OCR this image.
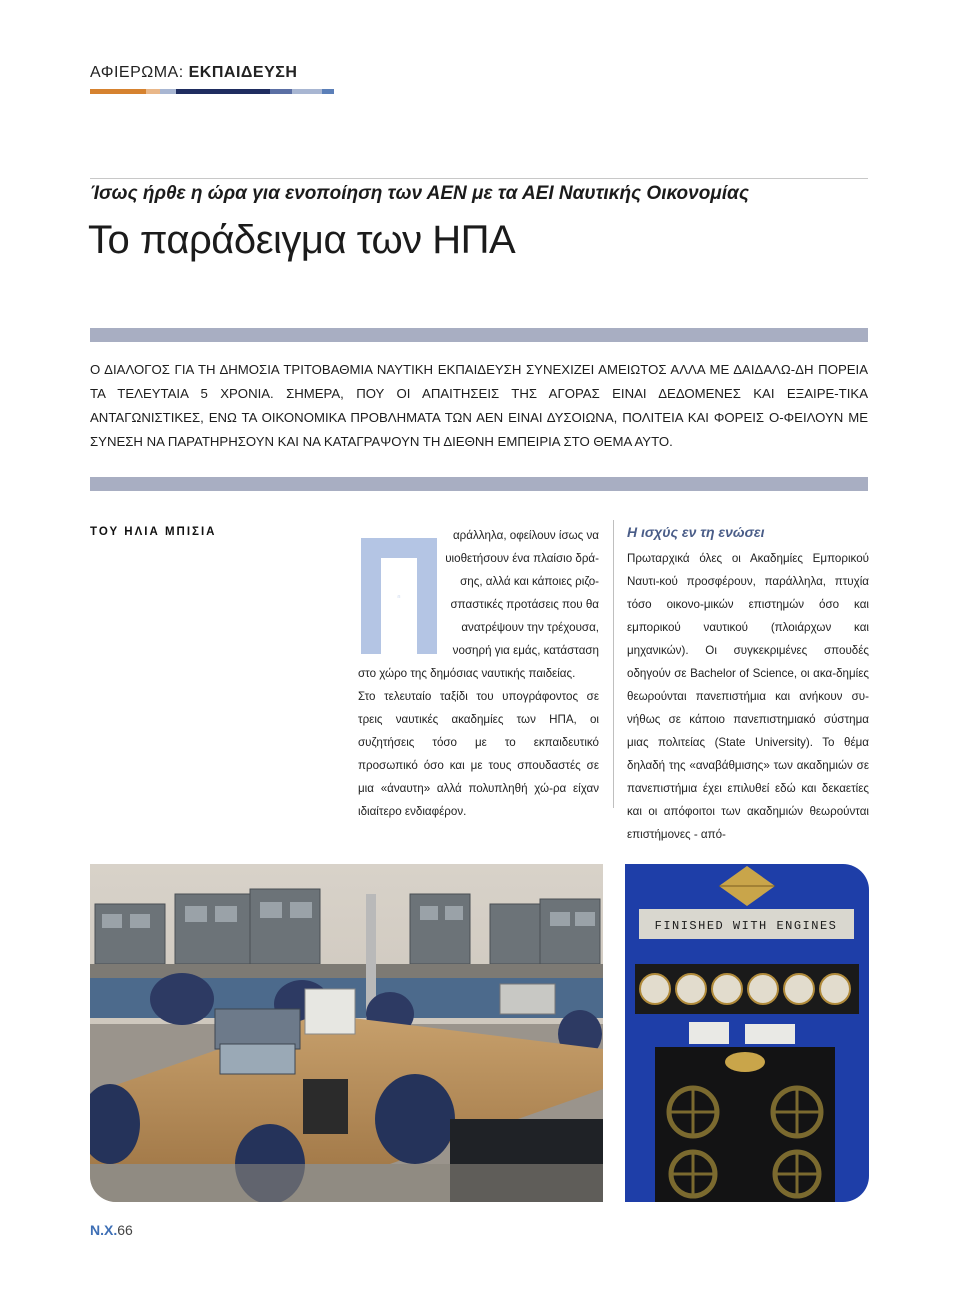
ΑΦΙΕΡΩΜΑ: ΕΚΠΑΙΔΕΥΣΗ
Ίσως ήρθε η ώρα για ενοποίηση των ΑΕΝ με τα ΑΕΙ Ναυτικής Οικονομίας
Το παράδειγμα των ΗΠΑ
Ο ΔΙΑΛΟΓΟΣ ΓΙΑ ΤΗ ΔΗΜΟΣΙΑ ΤΡΙΤΟΒΑΘΜΙΑ ΝΑΥΤΙΚΗ ΕΚΠΑΙΔΕΥΣΗ ΣΥΝΕΧΙΖΕΙ ΑΜΕΙΩΤΟΣ ΑΛΛΑ ΜΕ ΔΑΙΔΑΛΩ-ΔΗ ΠΟΡΕΙΑ ΤΑ ΤΕΛΕΥΤΑΙΑ 5 ΧΡΟΝΙΑ. ΣΗΜΕΡΑ, ΠΟΥ ΟΙ ΑΠΑΙΤΗΣΕΙΣ ΤΗΣ ΑΓΟΡΑΣ ΕΙΝΑΙ ΔΕΔΟΜΕΝΕΣ ΚΑΙ ΕΞΑΙΡΕ-ΤΙΚΑ ΑΝΤΑΓΩΝΙΣΤΙΚΕΣ, ΕΝΩ ΤΑ ΟΙΚΟΝΟΜΙΚΑ ΠΡΟΒΛΗΜΑΤΑ ΤΩΝ ΑΕΝ ΕΙΝΑΙ ΔΥΣΟΙΩΝΑ, ΠΟΛΙΤΕΙΑ ΚΑΙ ΦΟΡΕΙΣ Ο-ΦΕΙΛΟΥΝ ΜΕ ΣΥΝΕΣΗ ΝΑ ΠΑΡΑΤΗΡΗΣΟΥΝ ΚΑΙ ΝΑ ΚΑΤΑΓΡΑΨΟΥΝ ΤΗ ΔΙΕΘΝΗ ΕΜΠΕΙΡΙΑ ΣΤΟ ΘΕΜΑ ΑΥΤΟ.
ΤΟΥ ΗΛΙΑ ΜΠΙΣΙΑ
Π

αράλληλα, οφείλουν ίσως να

υιοθετήσουν ένα πλαίσιο δρά-

σης, αλλά και κάποιες ριζο-

σπαστικές προτάσεις που θα

ανατρέψουν την τρέχουσα,

νοσηρή για εμάς, κατάσταση

στο χώρο της δημόσιας ναυτικής παιδείας.

Στο τελευταίο ταξίδι του υπογράφοντος σε τρεις ναυτικές ακαδημίες των ΗΠΑ, οι συζητήσεις τόσο με το εκπαιδευτικό προσωπικό όσο και με τους σπουδαστές σε μια «άναυτη» αλλά πολυπληθή χώ-ρα είχαν ιδιαίτερο ενδιαφέρον.

Η ισχύς εν τη ενώσει

Πρωταρχικά όλες οι Ακαδημίες Εμπορικού Ναυτι-κού προσφέρουν, παράλληλα, πτυχία τόσο οικονο-μικών επιστημών όσο και εμπορικού ναυτικού (πλοιάρχων και μηχανικών). Οι συγκεκριμένες σπουδές οδηγούν σε Bachelor of Science, οι ακα-δημίες θεωρούνται πανεπιστήμια και ανήκουν συ-νήθως σε κάποιο πανεπιστημιακό σύστημα μιας πολιτείας (State University). Το θέμα δηλαδή της «αναβάθμισης» των ακαδημιών σε πανεπιστήμια έχει επιλυθεί εδώ και δεκαετίες και οι απόφοιτοι των ακαδημιών θεωρούνται επιστήμονες - από-

FINISHED WITH ENGINES
Ν.Χ.66
